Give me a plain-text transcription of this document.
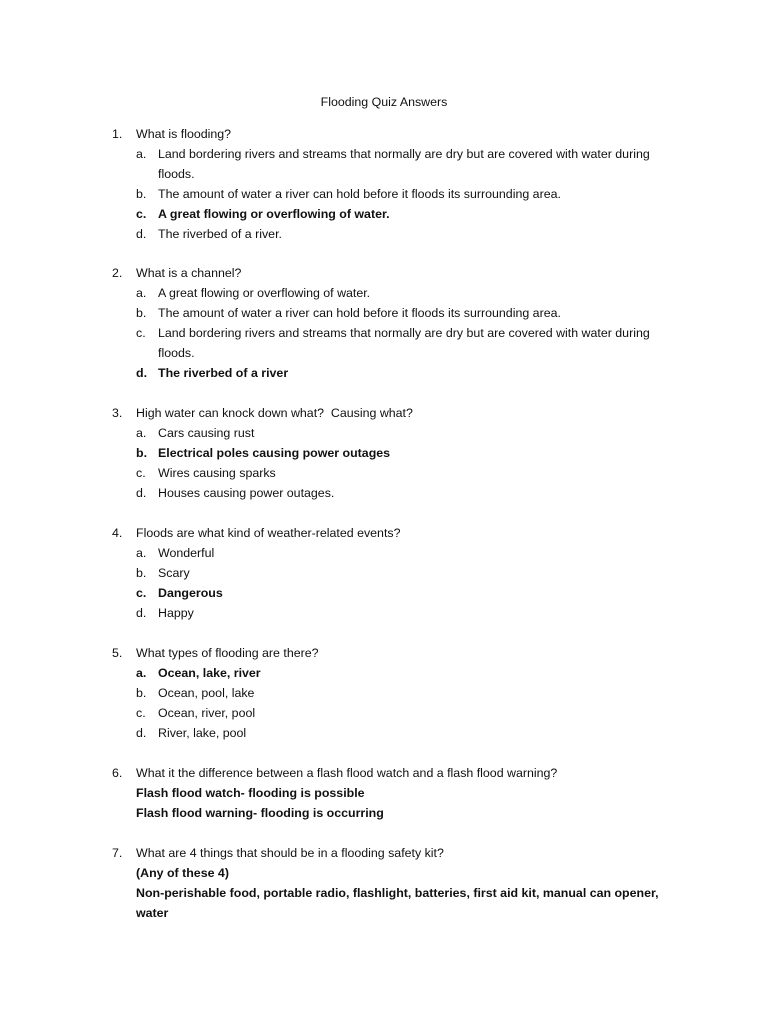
Flooding Quiz Answers
1. What is flooding?
a. Land bordering rivers and streams that normally are dry but are covered with water during floods.
b. The amount of water a river can hold before it floods its surrounding area.
c. A great flowing or overflowing of water.
d. The riverbed of a river.
2. What is a channel?
a. A great flowing or overflowing of water.
b. The amount of water a river can hold before it floods its surrounding area.
c. Land bordering rivers and streams that normally are dry but are covered with water during floods.
d. The riverbed of a river
3. High water can knock down what?  Causing what?
a. Cars causing rust
b. Electrical poles causing power outages
c. Wires causing sparks
d. Houses causing power outages.
4. Floods are what kind of weather-related events?
a. Wonderful
b. Scary
c. Dangerous
d. Happy
5. What types of flooding are there?
a. Ocean, lake, river
b. Ocean, pool, lake
c. Ocean, river, pool
d. River, lake, pool
6. What it the difference between a flash flood watch and a flash flood warning?
Flash flood watch- flooding is possible
Flash flood warning- flooding is occurring
7. What are 4 things that should be in a flooding safety kit?
(Any of these 4)
Non-perishable food, portable radio, flashlight, batteries, first aid kit, manual can opener, water
